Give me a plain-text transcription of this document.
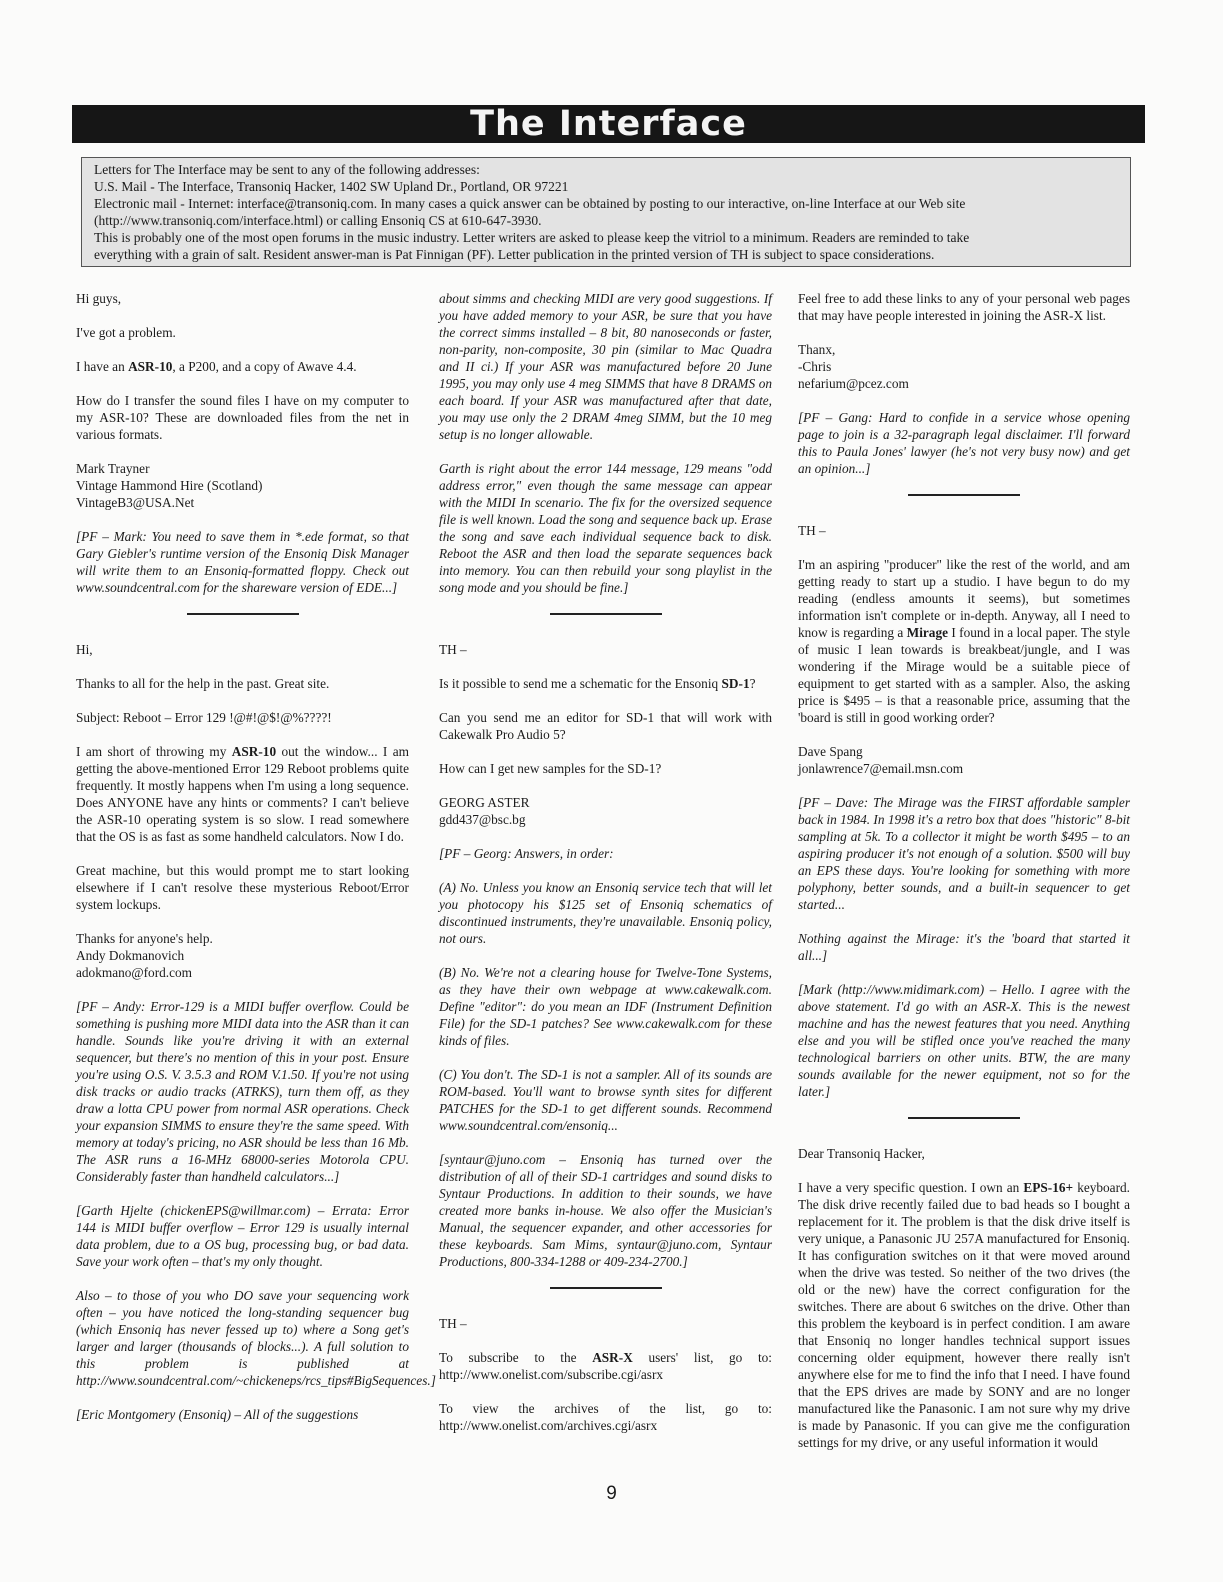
The Interface
Letters for The Interface may be sent to any of the following addresses:
U.S. Mail - The Interface, Transoniq Hacker, 1402 SW Upland Dr., Portland, OR 97221
Electronic mail - Internet: interface@transoniq.com. In many cases a quick answer can be obtained by posting to our interactive, on-line Interface at our Web site
(http://www.transoniq.com/interface.html) or calling Ensoniq CS at 610-647-3930.
This is probably one of the most open forums in the music industry. Letter writers are asked to please keep the vitriol to a minimum. Readers are reminded to take
everything with a grain of salt. Resident answer-man is Pat Finnigan (PF). Letter publication in the printed version of TH is subject to space considerations.

Hi guys,

I've got a problem.

I have an ASR-10, a P200, and a copy of Awave 4.4.

How do I transfer the sound files I have on my computer to my ASR-10? These are downloaded files from the net in various formats.

Mark Trayner
Vintage Hammond Hire (Scotland)

VintageB3@USA.Net

[PF – Mark: You need to save them in *.ede format, so that Gary Giebler's runtime version of the Ensoniq Disk Manager will write them to an Ensoniq-formatted floppy. Check out www.soundcentral.com for the shareware version of EDE...]

Hi,

Thanks to all for the help in the past. Great site.

Subject: Reboot – Error 129 !@#!@$!@%????!

I am short of throwing my ASR-10 out the window... I am getting the above-mentioned Error 129 Reboot problems quite frequently. It mostly happens when I'm using a long sequence. Does ANYONE have any hints or comments? I can't believe the ASR-10 operating system is so slow. I read somewhere that the OS is as fast as some handheld calculators. Now I do.

Great machine, but this would prompt me to start looking elsewhere if I can't resolve these mysterious Reboot/Error system lockups.

Thanks for anyone's help.
Andy Dokmanovich

adokmano@ford.com

[PF – Andy: Error-129 is a MIDI buffer overflow. Could be something is pushing more MIDI data into the ASR than it can handle. Sounds like you're driving it with an external sequencer, but there's no mention of this in your post. Ensure you're using O.S. V. 3.5.3 and ROM V.1.50. If you're not using disk tracks or audio tracks (ATRKS), turn them off, as they draw a lotta CPU power from normal ASR operations. Check your expansion SIMMS to ensure they're the same speed. With memory at today's pricing, no ASR should be less than 16 Mb. The ASR runs a 16-MHz 68000-series Motorola CPU. Considerably faster than handheld calculators...]

[Garth Hjelte (chickenEPS@willmar.com) – Errata: Error 144 is MIDI buffer overflow – Error 129 is usually internal data problem, due to a OS bug, processing bug, or bad data. Save your work often – that's my only thought.

Also – to those of you who DO save your sequencing work often – you have noticed the long-standing sequencer bug (which Ensoniq has never fessed up to) where a Song get's larger and larger (thousands of blocks...). A full solution to this problem is published at http://www.soundcentral.com/~chickeneps/rcs_tips#BigSequences.]

[Eric Montgomery (Ensoniq) – All of the suggestions

about simms and checking MIDI are very good suggestions. If you have added memory to your ASR, be sure that you have the correct simms installed – 8 bit, 80 nanoseconds or faster, non-parity, non-composite, 30 pin (similar to Mac Quadra and II ci.) If your ASR was manufactured before 20 June 1995, you may only use 4 meg SIMMS that have 8 DRAMS on each board. If your ASR was manufactured after that date, you may use only the 2 DRAM 4meg SIMM, but the 10 meg setup is no longer allowable.

Garth is right about the error 144 message, 129 means "odd address error," even though the same message can appear with the MIDI In scenario. The fix for the oversized sequence file is well known. Load the song and sequence back up. Erase the song and save each individual sequence back to disk. Reboot the ASR and then load the separate sequences back into memory. You can then rebuild your song playlist in the song mode and you should be fine.]

TH –

Is it possible to send me a schematic for the Ensoniq SD-1?

Can you send me an editor for SD-1 that will work with Cakewalk Pro Audio 5?

How can I get new samples for the SD-1?

GEORG ASTER

gdd437@bsc.bg

[PF – Georg: Answers, in order:

(A) No. Unless you know an Ensoniq service tech that will let you photocopy his $125 set of Ensoniq schematics of discontinued instruments, they're unavailable. Ensoniq policy, not ours.

(B) No. We're not a clearing house for Twelve-Tone Systems, as they have their own webpage at www.cakewalk.com. Define "editor": do you mean an IDF (Instrument Definition File) for the SD-1 patches? See www.cakewalk.com for these kinds of files.

(C) You don't. The SD-1 is not a sampler. All of its sounds are ROM-based. You'll want to browse synth sites for different PATCHES for the SD-1 to get different sounds. Recommend www.soundcentral.com/ensoniq...

[syntaur@juno.com – Ensoniq has turned over the distribution of all of their SD-1 cartridges and sound disks to Syntaur Productions. In addition to their sounds, we have created more banks in-house. We also offer the Musician's Manual, the sequencer expander, and other accessories for these keyboards. Sam Mims, syntaur@juno.com, Syntaur Productions, 800-334-1288 or 409-234-2700.]

TH –

To subscribe to the ASR-X users' list, go to: http://www.onelist.com/subscribe.cgi/asrx

To view the archives of the list, go to: http://www.onelist.com/archives.cgi/asrx

Feel free to add these links to any of your personal web pages that may have people interested in joining the ASR-X list.

Thanx,
-Chris

nefarium@pcez.com

[PF – Gang: Hard to confide in a service whose opening page to join is a 32-paragraph legal disclaimer. I'll forward this to Paula Jones' lawyer (he's not very busy now) and get an opinion...]

TH –

I'm an aspiring "producer" like the rest of the world, and am getting ready to start up a studio. I have begun to do my reading (endless amounts it seems), but sometimes information isn't complete or in-depth. Anyway, all I need to know is regarding a Mirage I found in a local paper. The style of music I lean towards is breakbeat/jungle, and I was wondering if the Mirage would be a suitable piece of equipment to get started with as a sampler. Also, the asking price is $495 – is that a reasonable price, assuming that the 'board is still in good working order?

Dave Spang

jonlawrence7@email.msn.com

[PF – Dave: The Mirage was the FIRST affordable sampler back in 1984. In 1998 it's a retro box that does "historic" 8-bit sampling at 5k. To a collector it might be worth $495 – to an aspiring producer it's not enough of a solution. $500 will buy an EPS these days. You're looking for something with more polyphony, better sounds, and a built-in sequencer to get started...

Nothing against the Mirage: it's the 'board that started it all...]

[Mark (http://www.midimark.com) – Hello. I agree with the above statement. I'd go with an ASR-X. This is the newest machine and has the newest features that you need. Anything else and you will be stifled once you've reached the many technological barriers on other units. BTW, the are many sounds available for the newer equipment, not so for the later.]

Dear Transoniq Hacker,

I have a very specific question. I own an EPS-16+ keyboard. The disk drive recently failed due to bad heads so I bought a replacement for it. The problem is that the disk drive itself is very unique, a Panasonic JU 257A manufactured for Ensoniq. It has configuration switches on it that were moved around when the drive was tested. So neither of the two drives (the old or the new) have the correct configuration for the switches. There are about 6 switches on the drive. Other than this problem the keyboard is in perfect condition. I am aware that Ensoniq no longer handles technical support issues concerning older equipment, however there really isn't anywhere else for me to find the info that I need. I have found that the EPS drives are made by SONY and are no longer manufactured like the Panasonic. I am not sure why my drive is made by Panasonic. If you can give me the configuration settings for my drive, or any useful information it would

9
